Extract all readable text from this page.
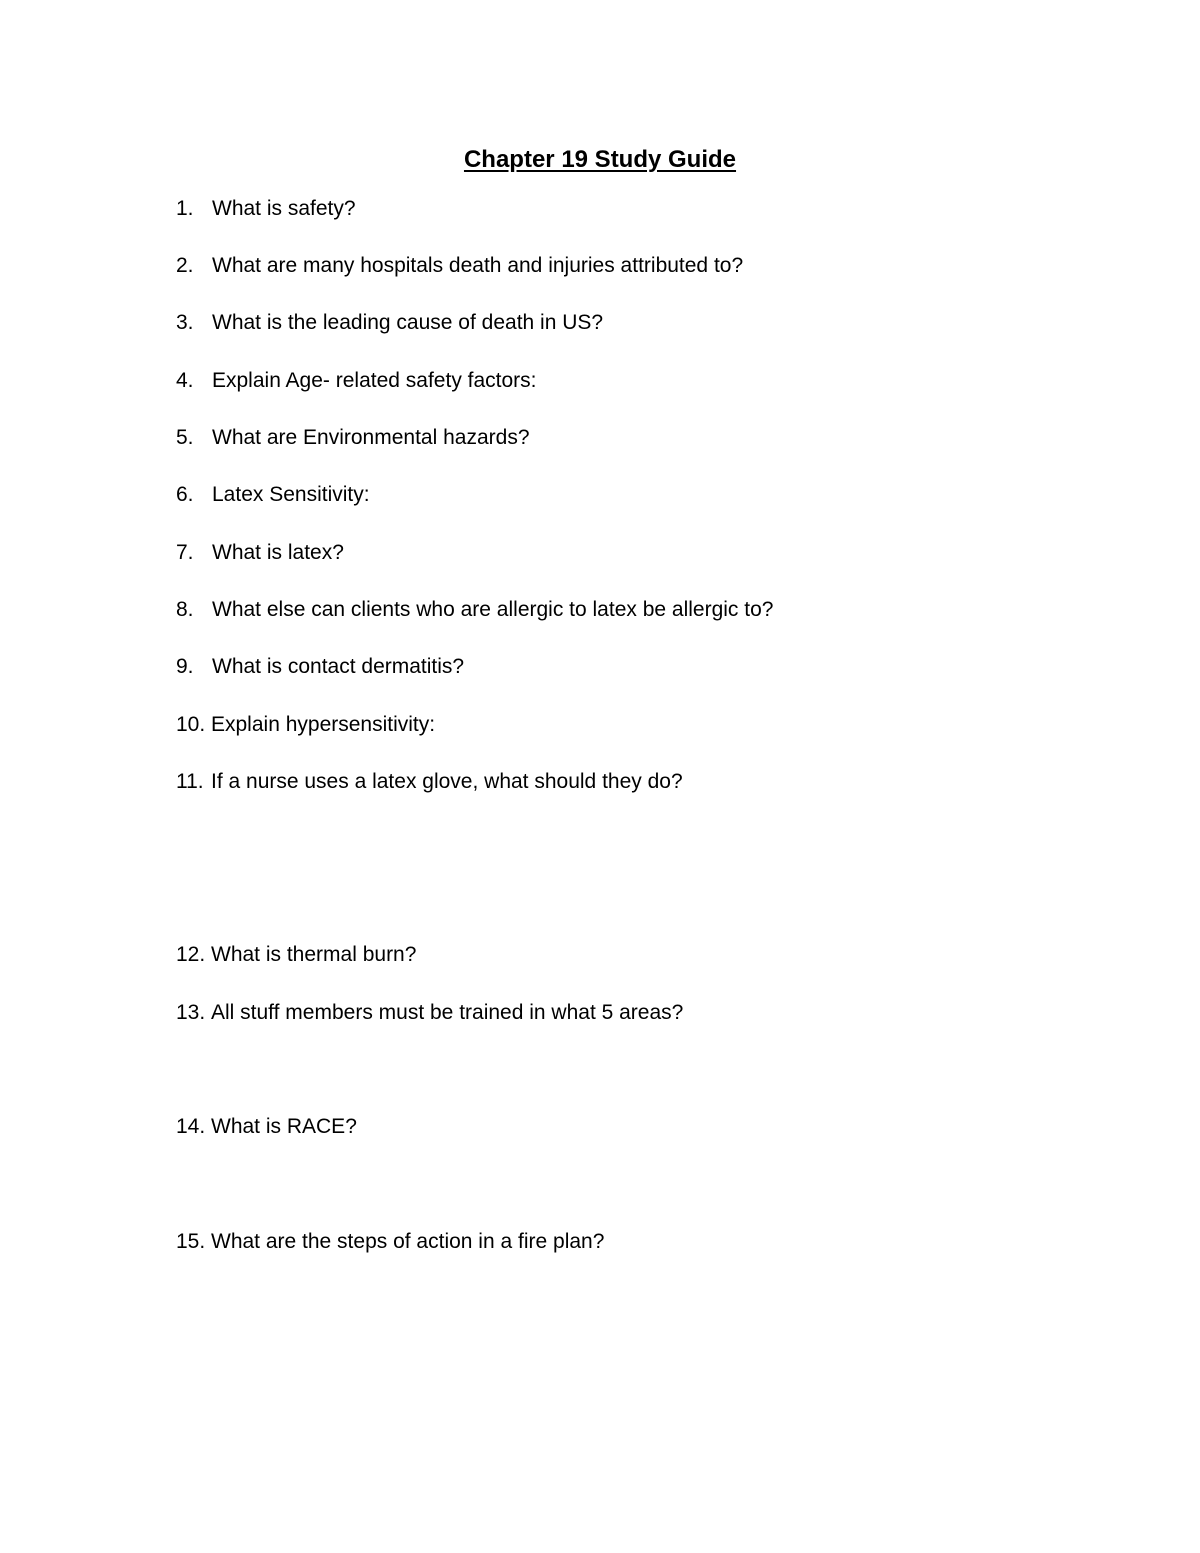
Chapter 19 Study Guide
1. What is safety?
2. What are many hospitals death and injuries attributed to?
3. What is the leading cause of death in US?
4. Explain Age- related safety factors:
5. What are Environmental hazards?
6. Latex Sensitivity:
7. What is latex?
8. What else can clients who are allergic to latex be allergic to?
9. What is contact dermatitis?
10. Explain hypersensitivity:
11. If a nurse uses a latex glove, what should they do?
12. What is thermal burn?
13. All stuff members must be trained in what 5 areas?
14. What is RACE?
15. What are the steps of action in a fire plan?
